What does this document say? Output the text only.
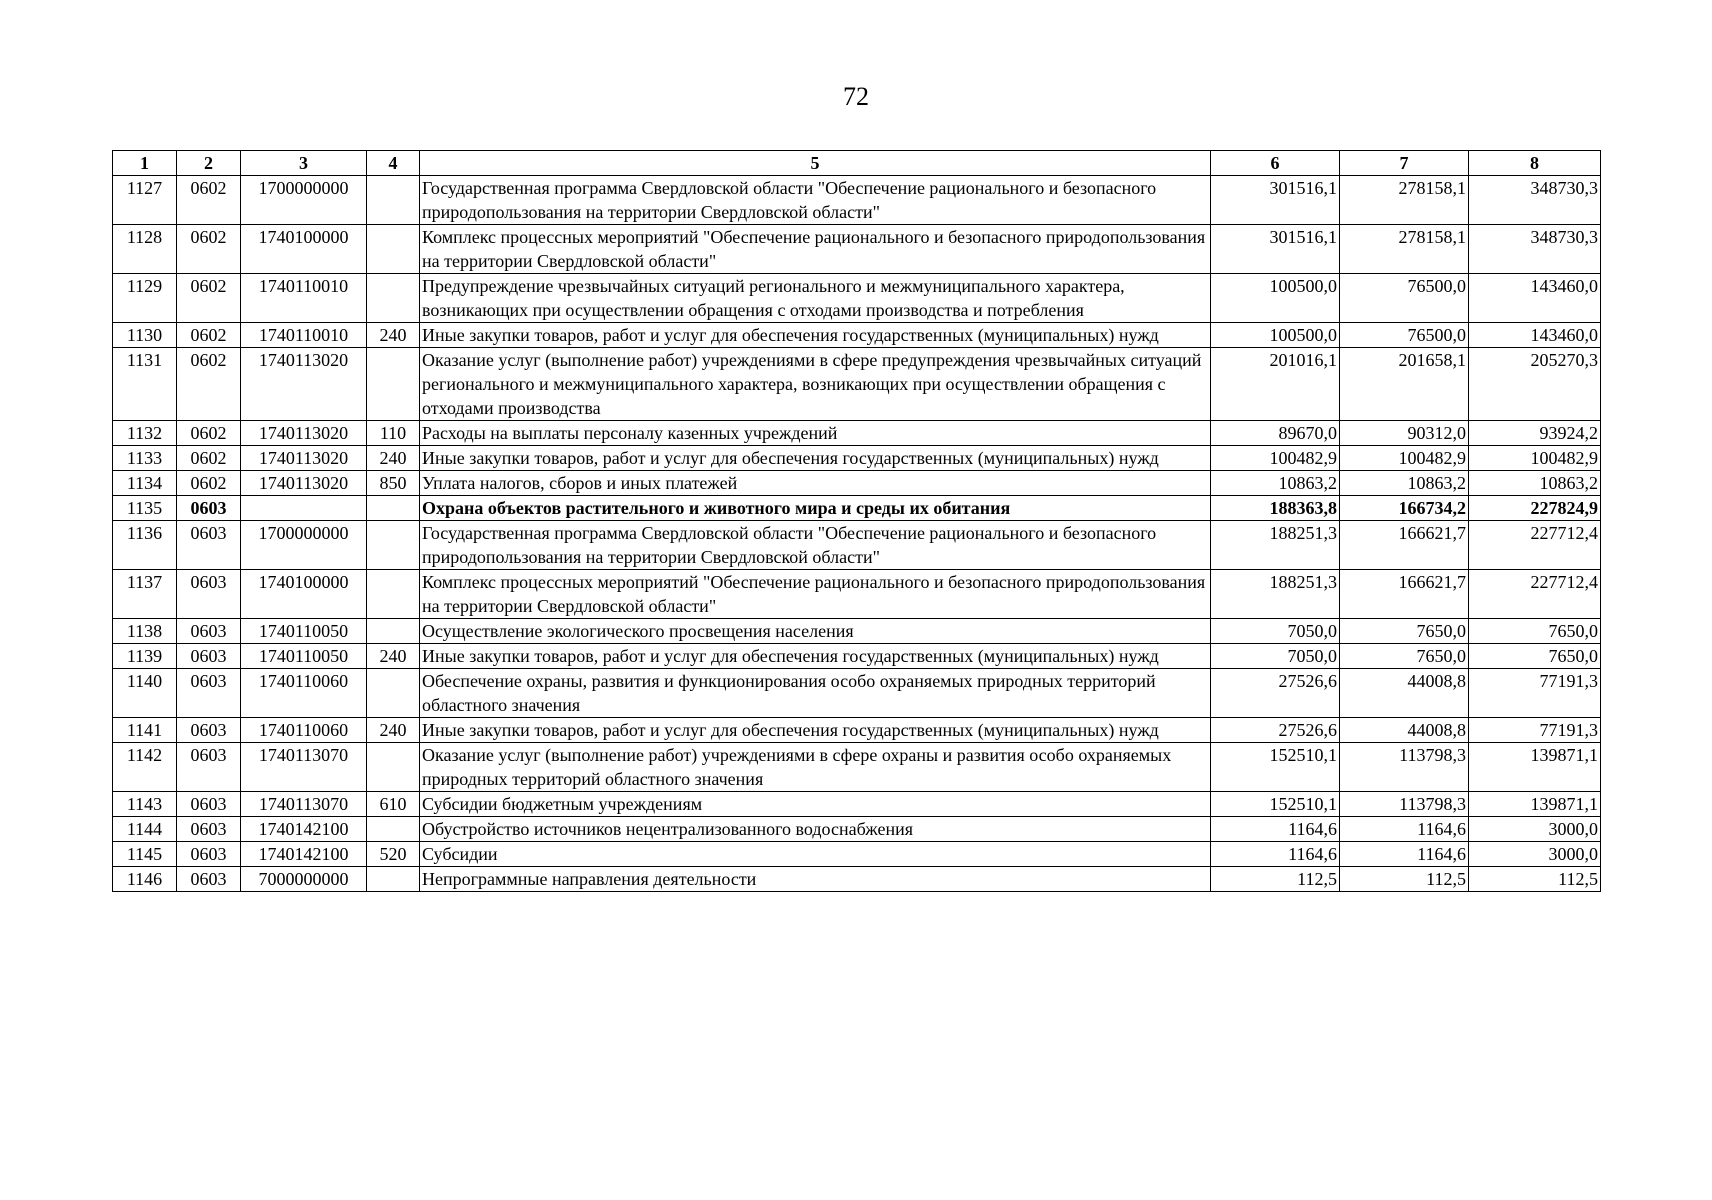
72
1	2	3	4	5	6	7	8
1127	0602	1700000000		Государственная программа Свердловской области "Обеспечение рационального и безопасного природопользования на территории Свердловской области"	301516,1	278158,1	348730,3
1128	0602	1740100000		Комплекс процессных мероприятий "Обеспечение рационального и безопасного природопользования на территории Свердловской области"	301516,1	278158,1	348730,3
1129	0602	1740110010		Предупреждение чрезвычайных ситуаций регионального и межмуниципального характера, возникающих при осуществлении обращения с отходами производства и потребления	100500,0	76500,0	143460,0
1130	0602	1740110010	240	Иные закупки товаров, работ и услуг для обеспечения государственных (муниципальных) нужд	100500,0	76500,0	143460,0
1131	0602	1740113020		Оказание услуг (выполнение работ) учреждениями в сфере предупреждения чрезвычайных ситуаций регионального и межмуниципального характера, возникающих при осуществлении обращения с отходами производства	201016,1	201658,1	205270,3
1132	0602	1740113020	110	Расходы на выплаты персоналу казенных учреждений	89670,0	90312,0	93924,2
1133	0602	1740113020	240	Иные закупки товаров, работ и услуг для обеспечения государственных (муниципальных) нужд	100482,9	100482,9	100482,9
1134	0602	1740113020	850	Уплата налогов, сборов и иных платежей	10863,2	10863,2	10863,2
1135	0603			Охрана объектов растительного и животного мира и среды их обитания	188363,8	166734,2	227824,9
1136	0603	1700000000		Государственная программа Свердловской области "Обеспечение рационального и безопасного природопользования на территории Свердловской области"	188251,3	166621,7	227712,4
1137	0603	1740100000		Комплекс процессных мероприятий "Обеспечение рационального и безопасного природопользования на территории Свердловской области"	188251,3	166621,7	227712,4
1138	0603	1740110050		Осуществление экологического просвещения населения	7050,0	7650,0	7650,0
1139	0603	1740110050	240	Иные закупки товаров, работ и услуг для обеспечения государственных (муниципальных) нужд	7050,0	7650,0	7650,0
1140	0603	1740110060		Обеспечение охраны, развития и функционирования особо охраняемых природных территорий областного значения	27526,6	44008,8	77191,3
1141	0603	1740110060	240	Иные закупки товаров, работ и услуг для обеспечения государственных (муниципальных) нужд	27526,6	44008,8	77191,3
1142	0603	1740113070		Оказание услуг (выполнение работ) учреждениями в сфере охраны и развития особо охраняемых природных территорий областного значения	152510,1	113798,3	139871,1
1143	0603	1740113070	610	Субсидии бюджетным учреждениям	152510,1	113798,3	139871,1
1144	0603	1740142100		Обустройство источников нецентрализованного водоснабжения	1164,6	1164,6	3000,0
1145	0603	1740142100	520	Субсидии	1164,6	1164,6	3000,0
1146	0603	7000000000		Непрограммные направления деятельности	112,5	112,5	112,5
